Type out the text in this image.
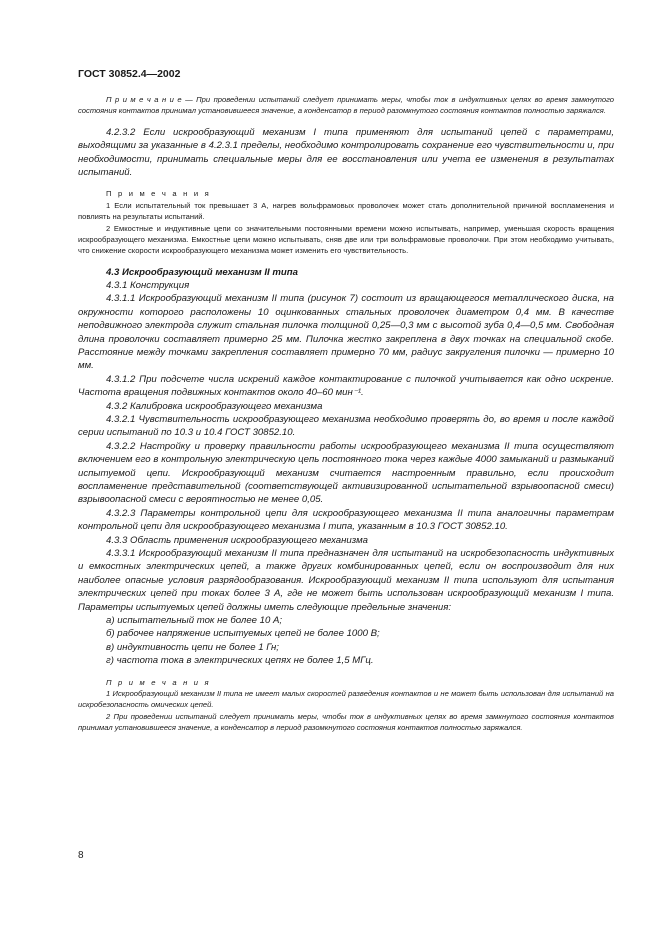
ГОСТ 30852.4—2002

П р и м е ч а н и е — При проведении испытаний следует принимать меры, чтобы ток в индуктивных цепях во время замкнутого состояния контактов принимал установившееся значение, а конденсатор в период разомкнутого состояния контактов полностью заряжался.

4.2.3.2 Если искрообразующий механизм I типа применяют для испытаний цепей с параметрами, выходящими за указанные в 4.2.3.1 пределы, необходимо контролировать сохранение его чувствительности и, при необходимости, принимать специальные меры для ее восстановления или учета ее изменения в результатах испытаний.

П р и м е ч а н и я

1 Если испытательный ток превышает 3 А, нагрев вольфрамовых проволочек может стать дополнительной причиной воспламенения и повлиять на результаты испытаний.

2 Емкостные и индуктивные цепи со значительными постоянными времени можно испытывать, например, уменьшая скорость вращения искрообразующего механизма. Емкостные цепи можно испытывать, сняв две или три вольфрамовые проволочки. При этом необходимо учитывать, что снижение скорости искрообразующего механизма может изменить его чувствительность.

4.3 Искрообразующий механизм II типа

4.3.1 Конструкция

4.3.1.1 Искрообразующий механизм II типа (рисунок 7) состоит из вращающегося металлического диска, на окружности которого расположены 10 оцинкованных стальных проволочек диаметром 0,4 мм. В качестве неподвижного электрода служит стальная пилочка толщиной 0,25—0,3 мм с высотой зуба 0,4—0,5 мм. Свободная длина проволочки составляет примерно 25 мм. Пилочка жестко закреплена в двух точках на специальной скобе. Расстояние между точками закрепления составляет примерно 70 мм, радиус закругления пилочки — примерно 10 мм.

4.3.1.2 При подсчете числа искрений каждое контактирование с пилочкой учитывается как одно искрение. Частота вращения подвижных контактов около 40–60 мин⁻¹.

4.3.2 Калибровка искрообразующего механизма

4.3.2.1 Чувствительность искрообразующего механизма необходимо проверять до, во время и после каждой серии испытаний по 10.3 и 10.4 ГОСТ 30852.10.

4.3.2.2 Настройку и проверку правильности работы искрообразующего механизма II типа осуществляют включением его в контрольную электрическую цепь постоянного тока через каждые 4000 замыканий и размыканий испытуемой цепи. Искрообразующий механизм считается настроенным правильно, если происходит воспламенение представительной (соответствующей активизированной испытательной взрывоопасной смеси) взрывоопасной смеси с вероятностью не менее 0,05.

4.3.2.3 Параметры контрольной цепи для искрообразующего механизма II типа аналогичны параметрам контрольной цепи для искрообразующего механизма I типа, указанным в 10.3 ГОСТ 30852.10.

4.3.3 Область применения искрообразующего механизма

4.3.3.1 Искрообразующий механизм II типа предназначен для испытаний на искробезопасность индуктивных и емкостных электрических цепей, а также других комбинированных цепей, если он воспроизводит для них наиболее опасные условия разрядообразования. Искрообразующий механизм II типа используют для испытания электрических цепей при токах более 3 А, где не может быть использован искрообразующий механизм I типа. Параметры испытуемых цепей должны иметь следующие предельные значения:

а) испытательный ток не более 10 А;

б) рабочее напряжение испытуемых цепей не более 1000 В;

в) индуктивность цепи не более 1 Гн;

г) частота тока в электрических цепях не более 1,5 МГц.

П р и м е ч а н и я

1 Искрообразующий механизм II типа не имеет малых скоростей разведения контактов и не может быть использован для испытаний на искробезопасность омических цепей.

2 При проведении испытаний следует принимать меры, чтобы ток в индуктивных цепях во время замкнутого состояния контактов принимал установившееся значение, а конденсатор в период разомкнутого состояния контактов полностью заряжался.

8
